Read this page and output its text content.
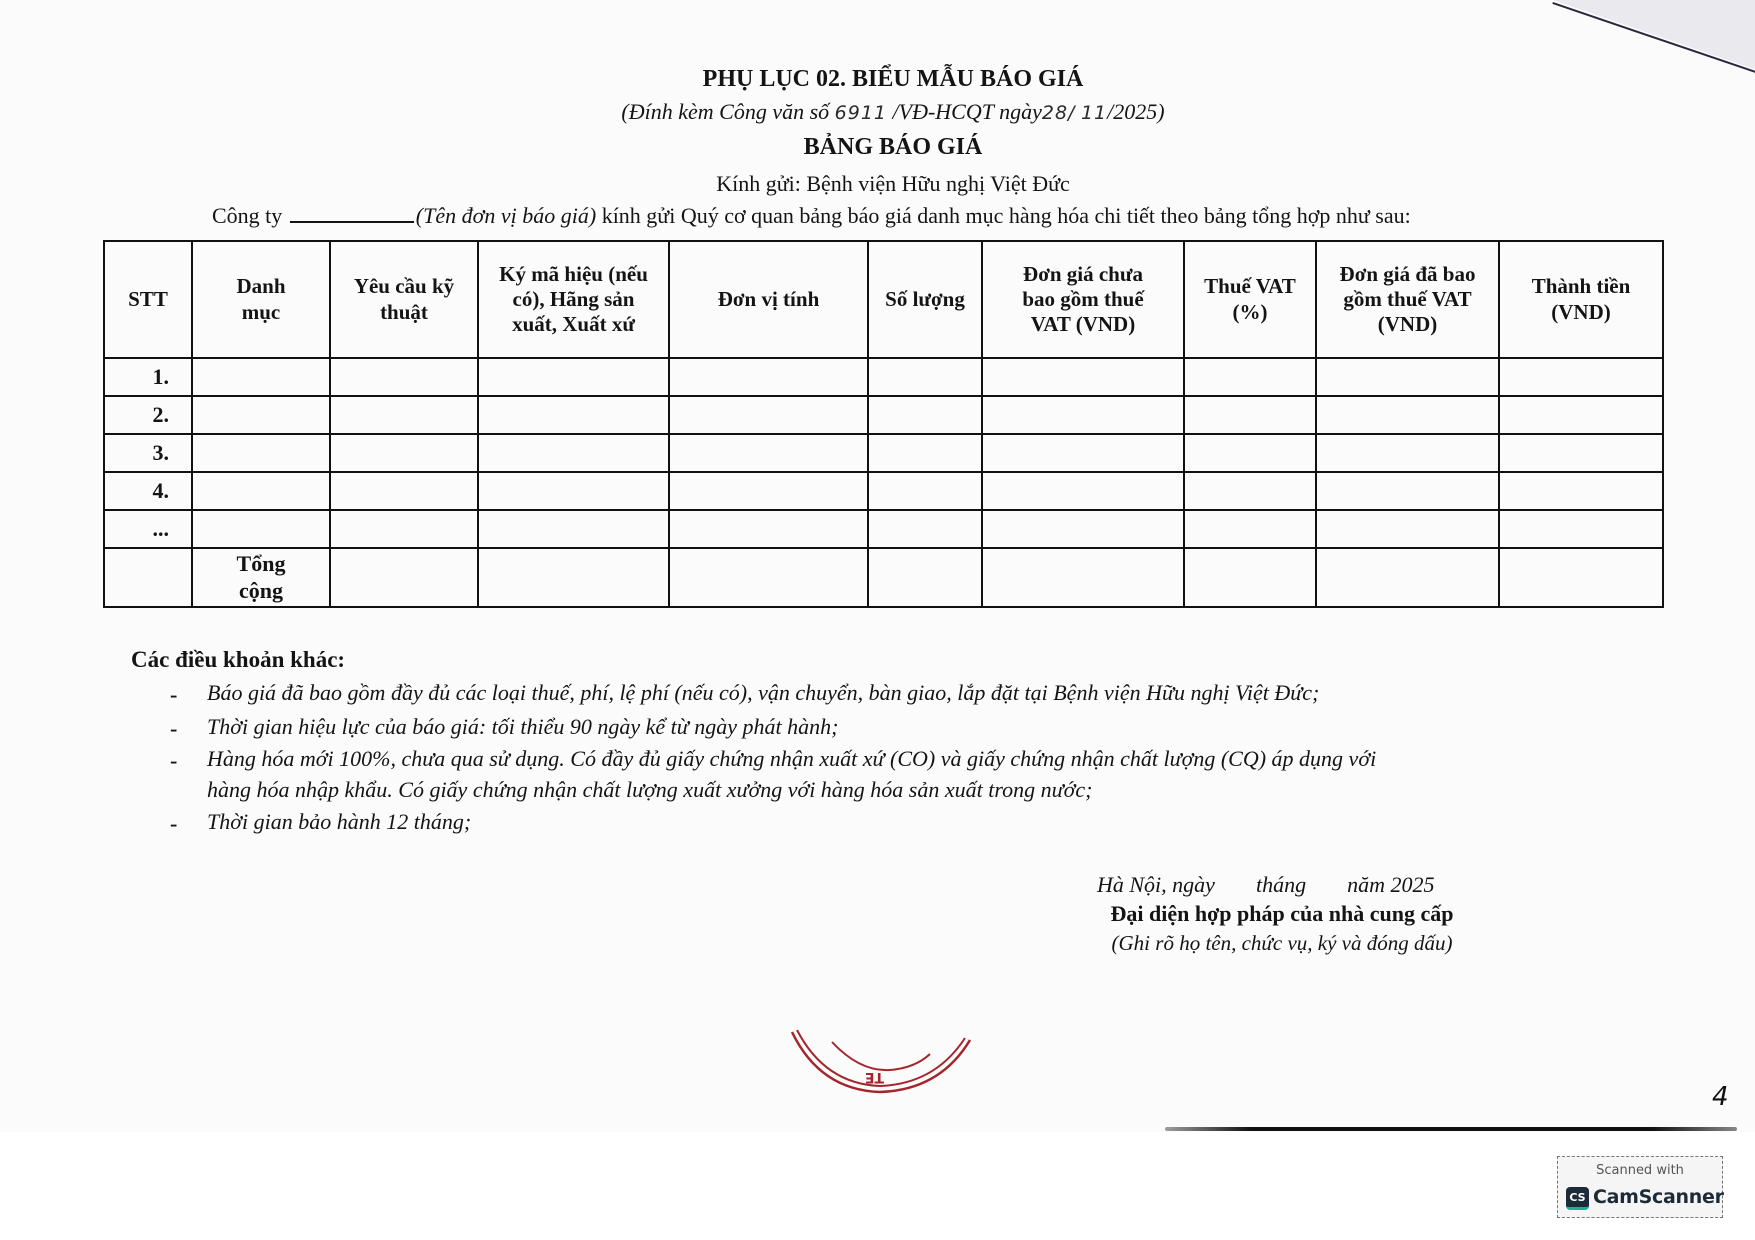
PHỤ LỤC 02. BIỂU MẪU BÁO GIÁ
(Đính kèm Công văn số 6911 /VĐ-HCQT ngày28/ 11/2025)
BẢNG BÁO GIÁ
Kính gửi: Bệnh viện Hữu nghị Việt Đức
Công ty	(Tên đơn vị báo giá) kính gửi Quý cơ quan bảng báo giá danh mục hàng hóa chi tiết theo bảng tổng hợp như sau:
STT	Danh mục	Yêu cầu kỹ thuật	Ký mã hiệu (nếu có), Hãng sản xuất, Xuất xứ	Đơn vị tính	Số lượng	Đơn giá chưa bao gồm thuế VAT (VND)	Thuế VAT (%)	Đơn giá đã bao gồm thuế VAT (VND)	Thành tiền (VND)
1.									
2.									
3.									
4.									
...									
	Tổng cộng								
Các điều khoản khác:
- Báo giá đã bao gồm đầy đủ các loại thuế, phí, lệ phí (nếu có), vận chuyển, bàn giao, lắp đặt tại Bệnh viện Hữu nghị Việt Đức;
- Thời gian hiệu lực của báo giá: tối thiểu 90 ngày kể từ ngày phát hành;
- Hàng hóa mới 100%, chưa qua sử dụng. Có đầy đủ giấy chứng nhận xuất xứ (CO) và giấy chứng nhận chất lượng (CQ) áp dụng với
hàng hóa nhập khẩu. Có giấy chứng nhận chất lượng xuất xưởng với hàng hóa sản xuất trong nước;
- Thời gian bảo hành 12 tháng;
Hà Nội, ngày tháng năm 2025
Đại diện hợp pháp của nhà cung cấp
(Ghi rõ họ tên, chức vụ, ký và đóng dấu)
TE
4
Scanned with
CS CamScanner
